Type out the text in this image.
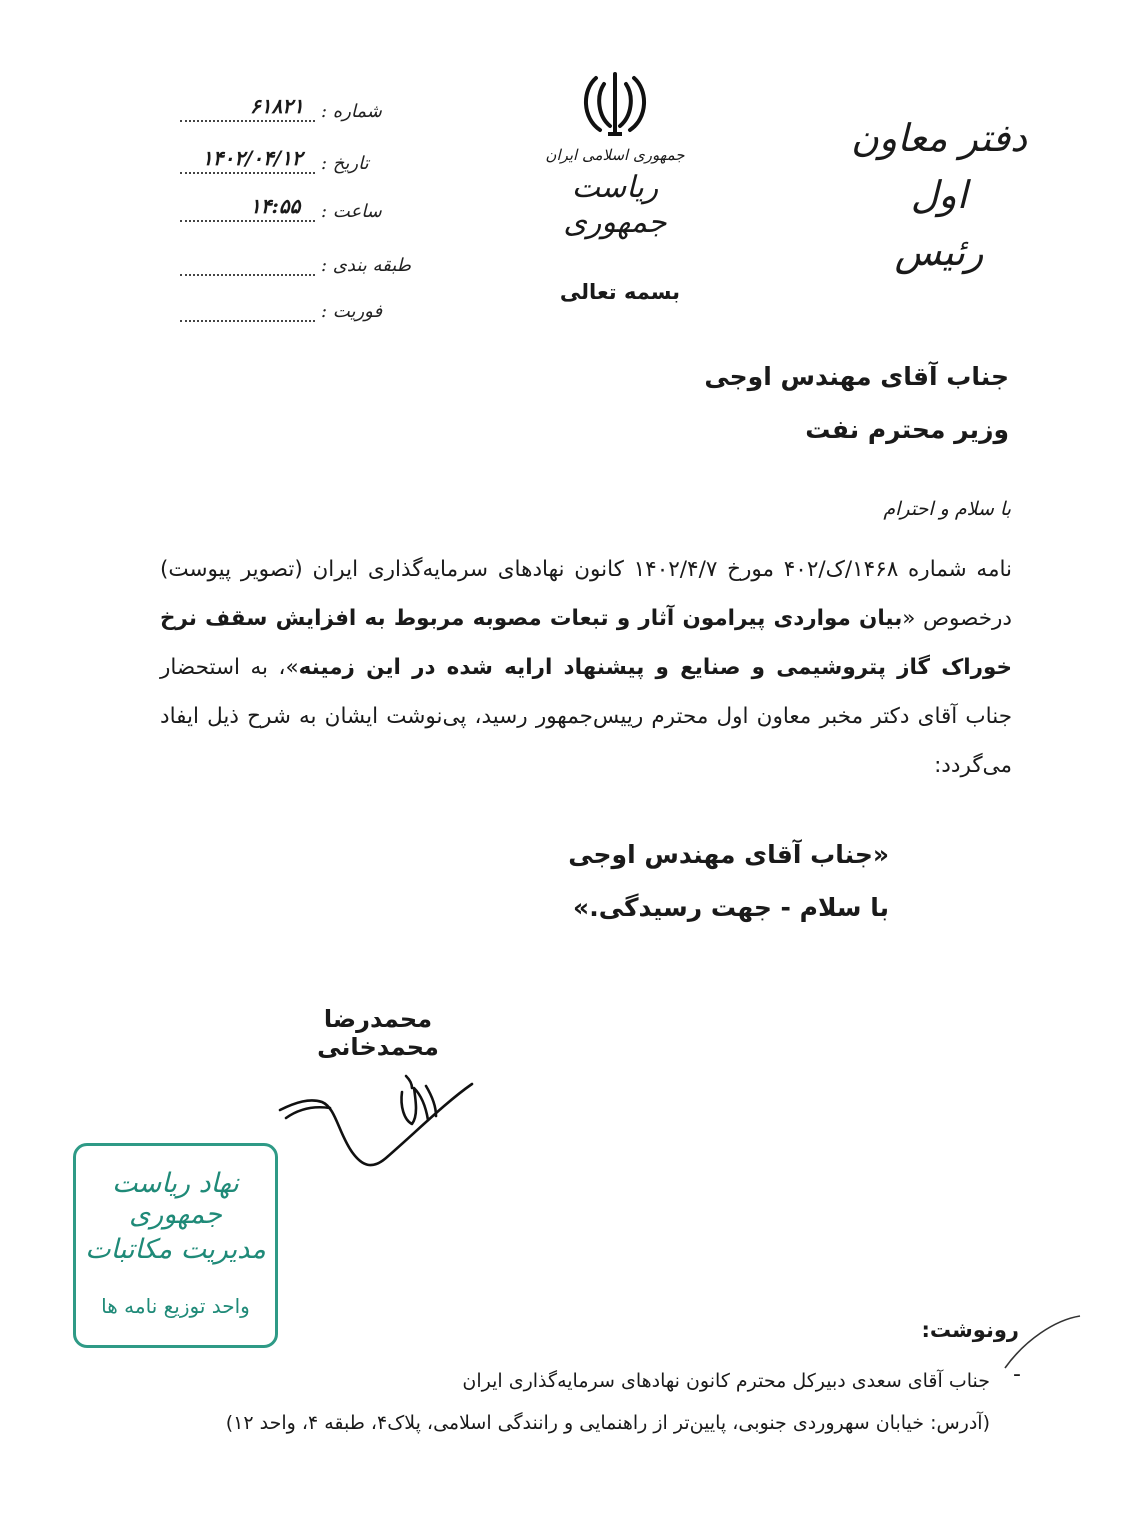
شماره :
۶۱۸۲۱
تاریخ :
۱۴۰۲/۰۴/۱۲
ساعت :
۱۴:۵۵
طبقه بندی :
فوریت :
جمهوری اسلامی ایران
ریاست جمهوری
دفتر معاون اول
رئیس
بسمه تعالی
جناب آقای مهندس اوجی
وزیر محترم نفت
با سلام و احترام
نامه شماره ۱۴۶۸/ک/۴۰۲ مورخ ۱۴۰۲/۴/۷ کانون نهادهای سرمایه‌گذاری ایران (تصویر پیوست) درخصوص «بیان مواردی پیرامون آثار و تبعات مصوبه مربوط به افزایش سقف نرخ خوراک گاز پتروشیمی و صنایع و پیشنهاد ارایه شده در این زمینه»، به استحضار جناب آقای دکتر مخبر معاون اول محترم رییس‌جمهور رسید، پی‌نوشت ایشان به شرح ذیل ایفاد می‌گردد:
«جناب آقای مهندس اوجی
با سلام - جهت رسیدگی.»
محمدرضا محمدخانی
نهاد ریاست جمهوری
مدیریت مکاتبات
واحد توزیع نامه ها
رونوشت:
-
جناب آقای سعدی دبیرکل محترم کانون نهادهای سرمایه‌گذاری ایران
(آدرس: خیابان سهروردی جنوبی، پایین‌تر از راهنمایی و رانندگی اسلامی، پلاک۴، طبقه ۴، واحد ۱۲)
